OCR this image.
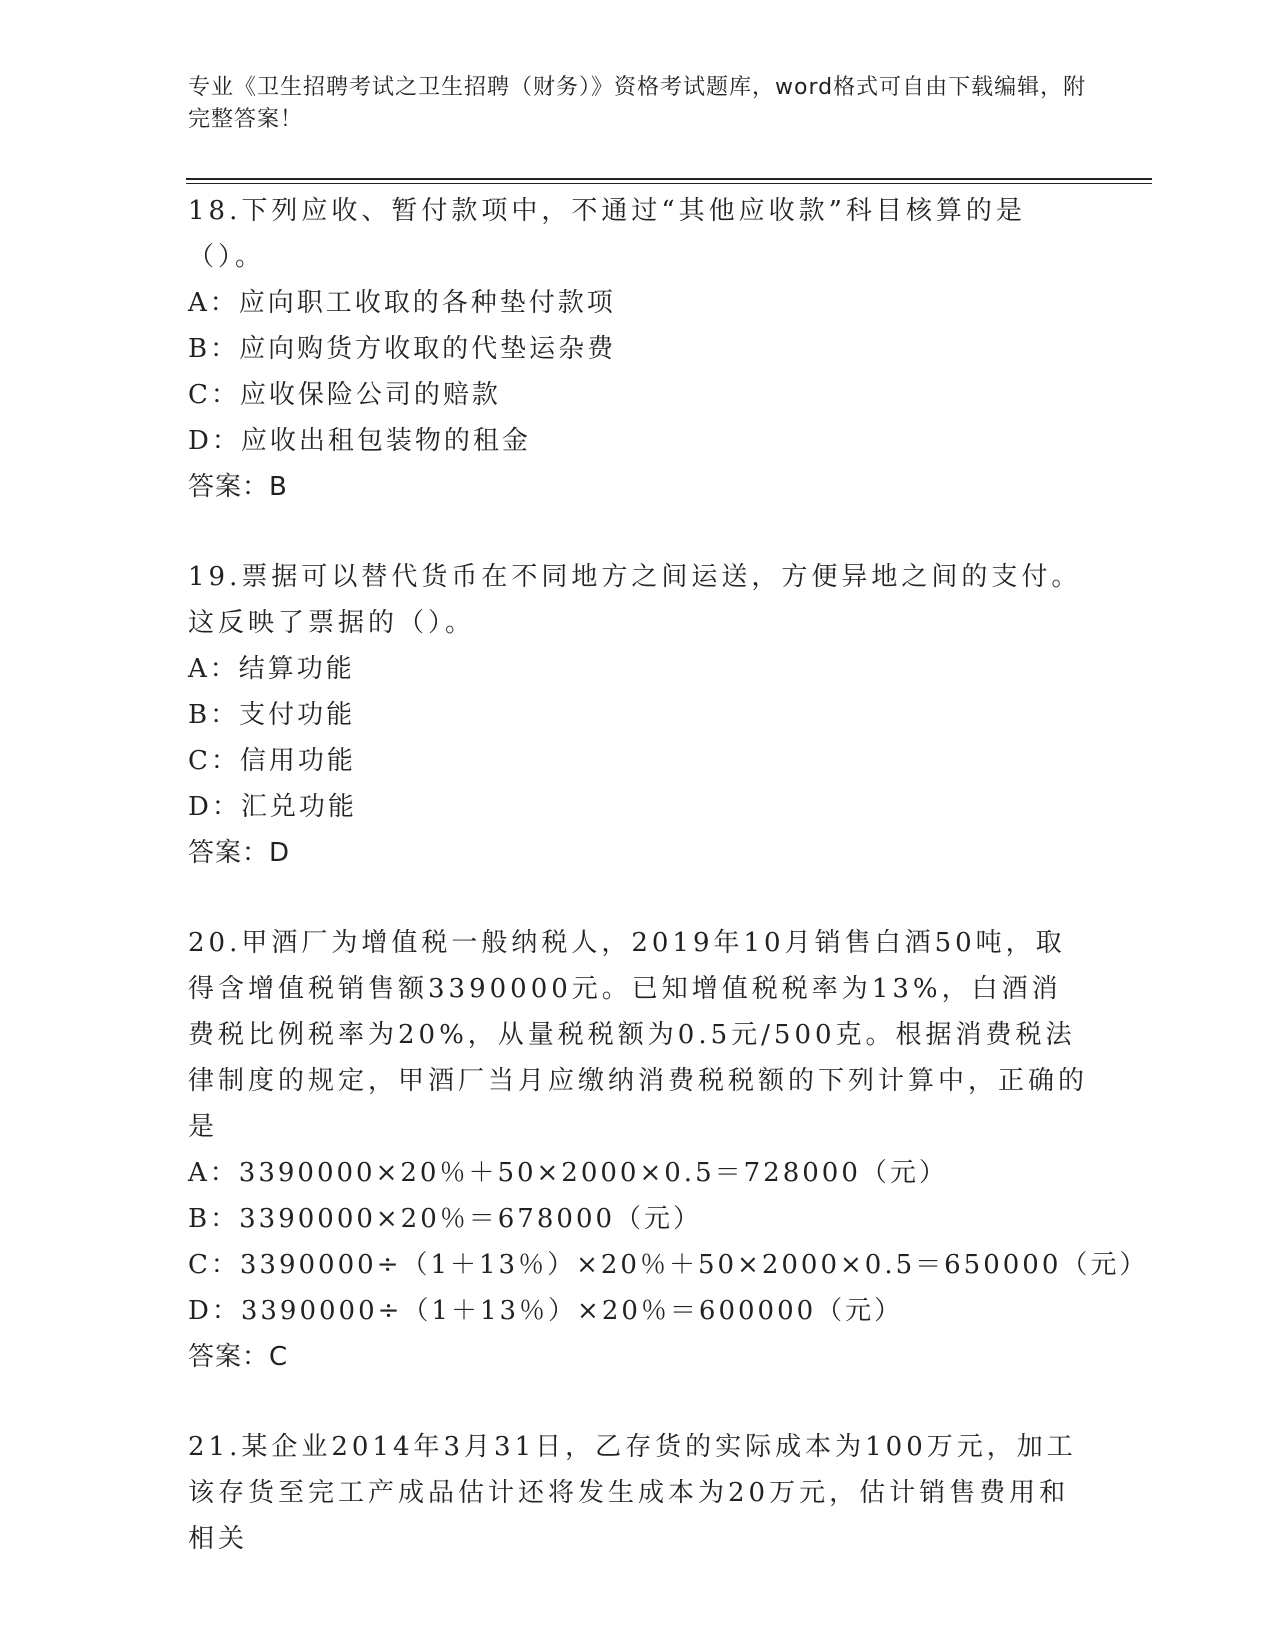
专业《卫生招聘考试之卫生招聘（财务）》资格考试题库，word格式可自由下载编辑，附完整答案！

18.下列应收、暂付款项中，不通过“其他应收款”科目核算的是（）。

A：应向职工收取的各种垫付款项

B：应向购货方收取的代垫运杂费

C：应收保险公司的赔款

D：应收出租包装物的租金

答案：B

19.票据可以替代货币在不同地方之间运送，方便异地之间的支付。这反映了票据的（）。

A：结算功能

B：支付功能

C：信用功能

D：汇兑功能

答案：D

20.甲酒厂为增值税一般纳税人，2019年10月销售白酒50吨，取得含增值税销售额3390000元。已知增值税税率为13%，白酒消费税比例税率为20%，从量税税额为0.5元/500克。根据消费税法律制度的规定，甲酒厂当月应缴纳消费税税额的下列计算中，正确的是

A：3390000×20％＋50×2000×0.5＝728000（元）

B：3390000×20％＝678000（元）

C：3390000÷（1＋13％）×20％＋50×2000×0.5＝650000（元）

D：3390000÷（1＋13％）×20％＝600000（元）

答案：C

21.某企业2014年3月31日，乙存货的实际成本为100万元，加工该存货至完工产成品估计还将发生成本为20万元，估计销售费用和相关
